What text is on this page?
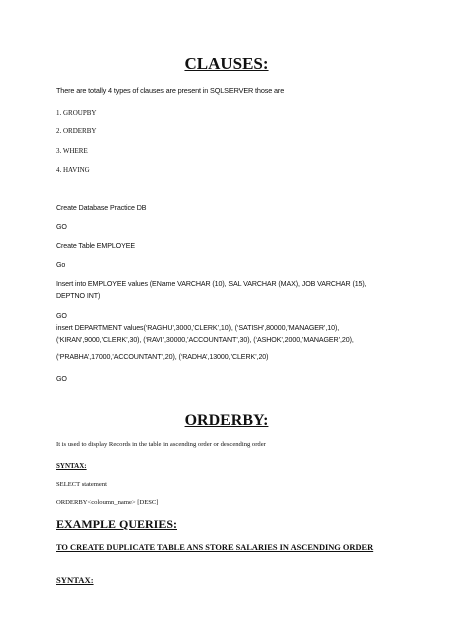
CLAUSES:
There are totally 4 types of clauses are present in SQLSERVER those are
1. GROUPBY
2. ORDERBY
3. WHERE
4. HAVING
Create Database Practice DB
GO
Create Table EMPLOYEE
Go
Insert into EMPLOYEE values (EName VARCHAR (10), SAL VARCHAR (MAX), JOB VARCHAR (15),
DEPTNO INT)
GO
insert DEPARTMENT values(‘RAGHU’,3000,’CLERK’,10), (‘SATISH’,80000,’MANAGER’,10),
(‘KIRAN’,9000,’CLERK’,30), (‘RAVI’,30000,’ACCOUNTANT’,30), (‘ASHOK’,2000,’MANAGER’,20),
(‘PRABHA’,17000,’ACCOUNTANT’,20), (‘RADHA’,13000,’CLERK’,20)
GO
ORDERBY:
It is used to display Records in the table in ascending order or descending order
SYNTAX:
SELECT statement
ORDERBY<coloumn_name> [DESC]
EXAMPLE QUERIES:
TO CREATE DUPLICATE TABLE ANS STORE SALARIES IN ASCENDING ORDER
SYNTAX:
